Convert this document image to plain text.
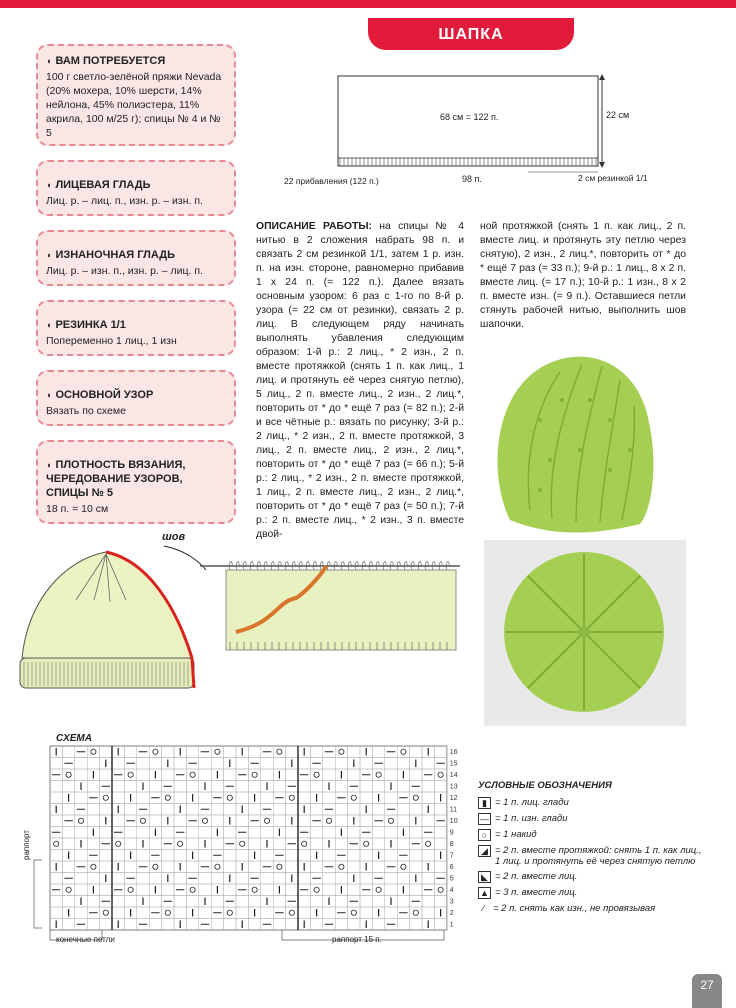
ШАПКА
◖ ВАМ ПОТРЕБУЕТСЯ
100 г светло-зелёной пряжи Nevada (20% мохера, 10% шерсти, 14% нейлона, 45% полиэстера, 11% акрила, 100 м/25 г); спицы № 4 и № 5
◖ ЛИЦЕВАЯ ГЛАДЬ
Лиц. р. – лиц. п., изн. р. – изн. п.
◖ ИЗНАНОЧНАЯ ГЛАДЬ
Лиц. р. – изн. п., изн. р. – лиц. п.
◖ РЕЗИНКА 1/1
Попеременно 1 лиц., 1 изн
◖ ОСНОВНОЙ УЗОР
Вязать по схеме
◖ ПЛОТНОСТЬ ВЯЗАНИЯ, ЧЕРЕДОВАНИЕ УЗОРОВ, СПИЦЫ № 5
18 п. = 10 см
68 см = 122 п.	22 см
22 прибавления (122 п.)	98 п.	2 см резинкой 1/1
ОПИСАНИЕ РАБОТЫ: на спицы № 4 нитью в 2 сложения набрать 98 п. и связать 2 см резинкой 1/1, затем 1 р. изн. п. на изн. стороне, равномерно прибавив 1 х 24 п. (= 122 п.). Далее вязать основным узором: 6 раз с 1-го по 8-й р. узора (= 22 см от резинки), связать 2 р. лиц. В следующем ряду начинать выполнять убавления следующим образом: 1-й р.: 2 лиц., * 2 изн., 2 п. вместе протяжкой (снять 1 п. как лиц., 1 лиц. и протянуть её через снятую петлю), 5 лиц., 2 п. вместе лиц., 2 изн., 2 лиц.*, повторить от * до * ещё 7 раз (= 82 п.); 2-й и все чётные р.: вязать по рисунку; 3-й р.: 2 лиц., * 2 изн., 2 п. вместе протяжкой, 3 лиц., 2 п. вместе лиц., 2 изн., 2 лиц.*, повторить от * до * ещё 7 раз (= 66 п.); 5-й р.: 2 лиц., * 2 изн., 2 п. вместе протяжкой, 1 лиц., 2 п. вместе лиц., 2 изн., 2 лиц.*, повторить от * до * ещё 7 раз (= 50 п.); 7-й р.: 2 п. вместе лиц., * 2 изн., 3 п. вместе двой-
ной протяжкой (снять 1 п. как лиц., 2 п. вместе лиц. и протянуть эту петлю через снятую), 2 изн., 2 лиц.*, повторить от * до * ещё 7 раз (= 33 п.); 9-й р.: 1 лиц., 8 х 2 п. вместе лиц. (= 17 п.); 10-й р.: 1 изн., 8 х 2 п. вместе изн. (= 9 п.). Оставшиеся петли стянуть рабочей нитью, выполнить шов шапочки.
шов
СХЕМА
16
15
14
13
12
11
10
9
8
7
6
5
4
3
2
1
раппорт
конечные петли	раппорт 15 п.
УСЛОВНЫЕ ОБОЗНАЧЕНИЯ
▮ = 1 п. лиц. глади
— = 1 п. изн. глади
○ = 1 накид
◢ = 2 п. вместе протяжкой: снять 1 п. как лиц., 1 лиц. и протянуть её через снятую петлю
◣ = 2 п. вместе лиц.
▲ = 3 п. вместе лиц.
∕ = 2 п. снять как изн., не провязывая
27
